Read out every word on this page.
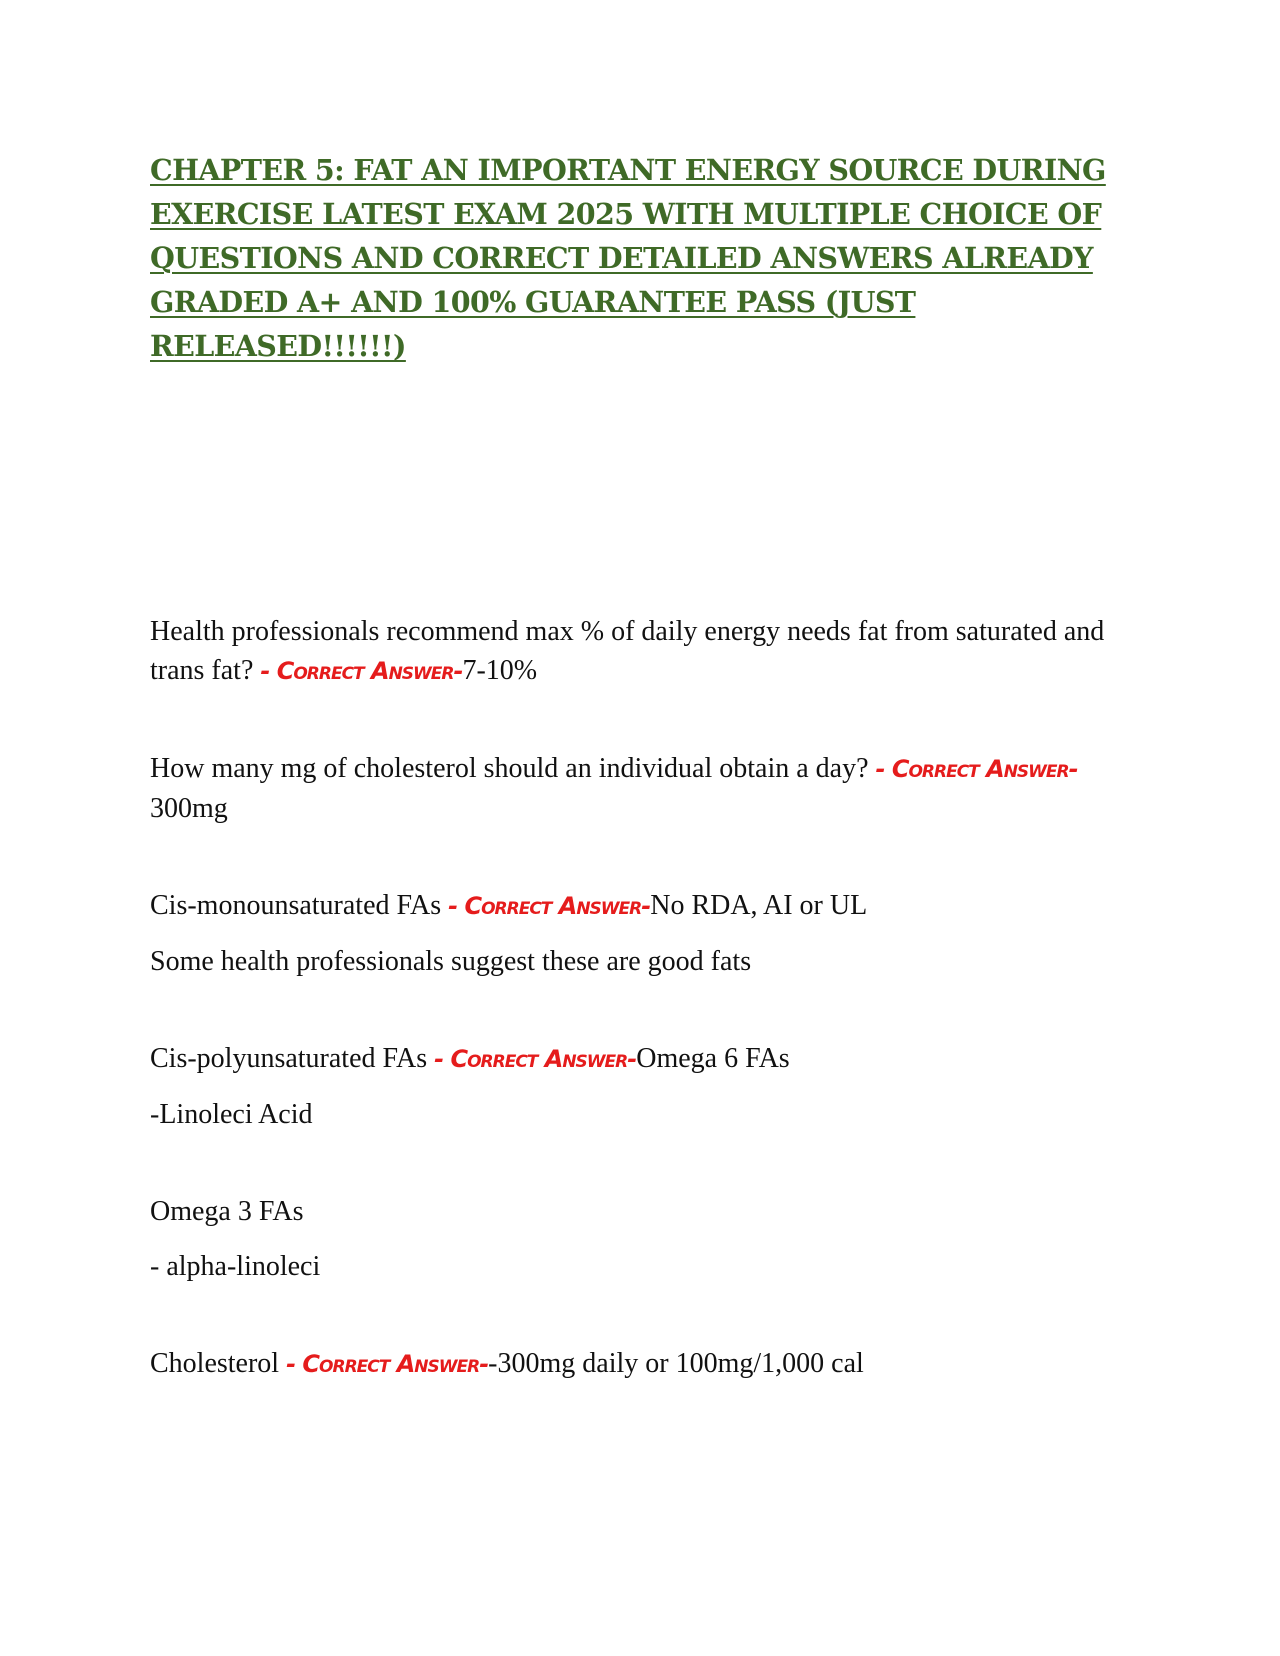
CHAPTER 5: FAT AN IMPORTANT ENERGY SOURCE DURING EXERCISE LATEST EXAM 2025 WITH MULTIPLE CHOICE OF QUESTIONS AND CORRECT DETAILED ANSWERS ALREADY GRADED A+ AND 100% GUARANTEE PASS (JUST RELEASED!!!!!!)

Health professionals recommend max % of daily energy needs fat from saturated and trans fat? - Correct Answer-7-10%

How many mg of cholesterol should an individual obtain a day? - Correct Answer-300mg

Cis-monounsaturated FAs - Correct Answer-No RDA, AI or UL

Some health professionals suggest these are good fats

Cis-polyunsaturated FAs - Correct Answer-Omega 6 FAs

-Linoleci Acid

Omega 3 FAs

- alpha-linoleci

Cholesterol - Correct Answer--300mg daily or 100mg/1,000 cal
